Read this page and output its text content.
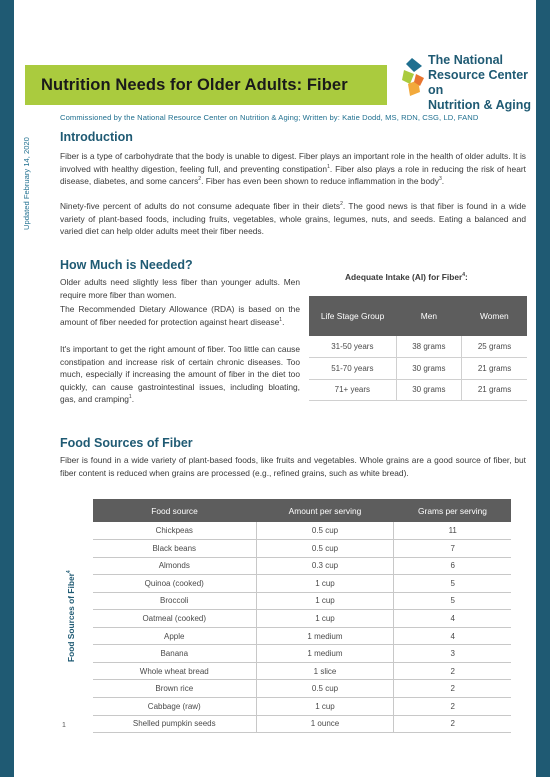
Nutrition Needs for Older Adults: Fiber
The National
Resource Center on
Nutrition & Aging
Commissioned by the National Resource Center on Nutrition & Aging; Written by: Katie Dodd, MS, RDN, CSG, LD, FAND
Updated February 14, 2020
Introduction

Fiber is a type of carbohydrate that the body is unable to digest. Fiber plays an important role in the health of older adults. It is involved with healthy digestion, feeling full, and preventing constipation$^1$. Fiber also plays a role in reducing the risk of heart disease, diabetes, and some cancers$^2$. Fiber has even been shown to reduce inflammation in the body$^3$.

Ninety-five percent of adults do not consume adequate fiber in their diets$^2$. The good news is that fiber is found in a wide variety of plant-based foods, including fruits, vegetables, whole grains, legumes, nuts, and seeds. Eating a balanced and varied diet can help older adults meet their fiber needs.

How Much is Needed?

Older adults need slightly less fiber than younger adults. Men require more fiber than women.

The Recommended Dietary Allowance (RDA) is based on the amount of fiber needed for protection against heart disease$^1$.

It's important to get the right amount of fiber. Too little can cause constipation and increase risk of certain chronic diseases. Too much, especially if increasing the amount of fiber in the diet too quickly, can cause gastrointestinal issues, including bloating, gas, and cramping$^1$.

Adequate Intake (AI) for Fiber$^4$:
Life Stage Group	Men	Women
31-50 years	38 grams	25 grams
51-70 years	30 grams	21 grams
71+ years	30 grams	21 grams
Food Sources of Fiber

Fiber is found in a wide variety of plant-based foods, like fruits and vegetables. Whole grains are a good source of fiber, but fiber content is reduced when grains are processed (e.g., refined grains, such as white bread).

Food Sources of Fiber$^4$
Food source	Amount per serving	Grams per serving
Chickpeas	0.5 cup	11
Black beans	0.5 cup	7
Almonds	0.3 cup	6
Quinoa (cooked)	1 cup	5
Broccoli	1 cup	5
Oatmeal (cooked)	1 cup	4
Apple	1 medium	4
Banana	1 medium	3
Whole wheat bread	1 slice	2
Brown rice	0.5 cup	2
Cabbage (raw)	1 cup	2
Shelled pumpkin seeds	1 ounce	2
1
